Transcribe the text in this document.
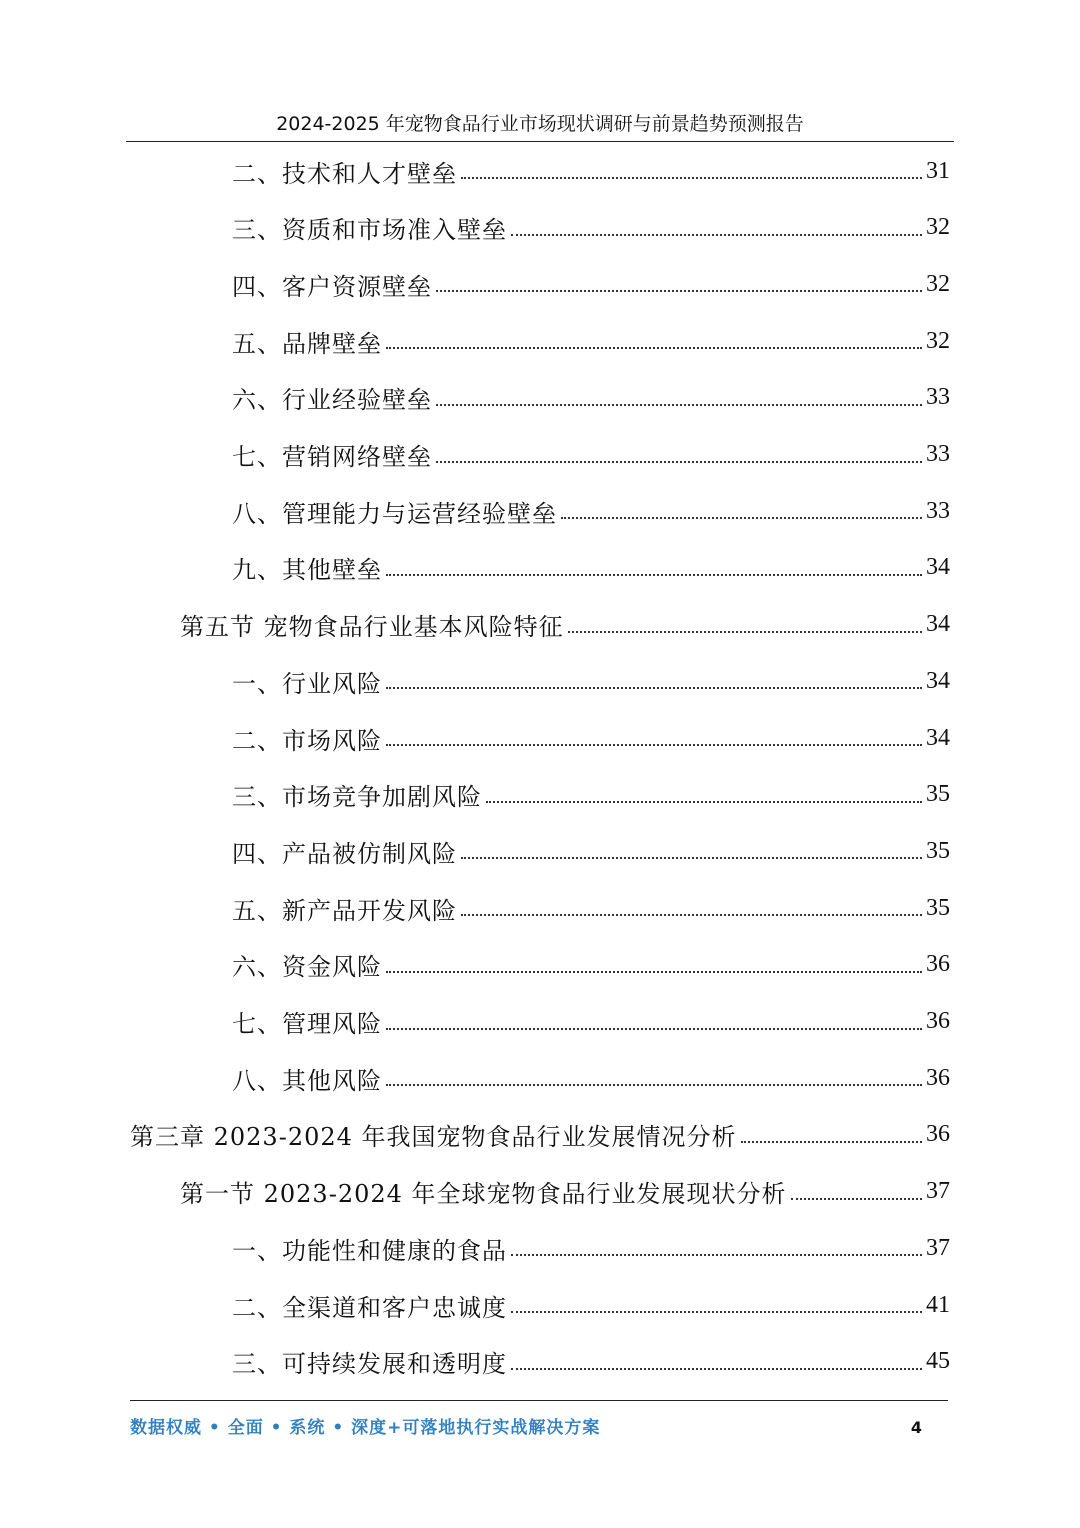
2024-2025 年宠物食品行业市场现状调研与前景趋势预测报告
二、技术和人才壁垒	31
三、资质和市场准入壁垒	32
四、客户资源壁垒	32
五、品牌壁垒	32
六、行业经验壁垒	33
七、营销网络壁垒	33
八、管理能力与运营经验壁垒	33
九、其他壁垒	34
第五节 宠物食品行业基本风险特征	34
一、行业风险	34
二、市场风险	34
三、市场竞争加剧风险	35
四、产品被仿制风险	35
五、新产品开发风险	35
六、资金风险	36
七、管理风险	36
八、其他风险	36
第三章 2023-2024 年我国宠物食品行业发展情况分析	36
第一节 2023-2024 年全球宠物食品行业发展现状分析	37
一、功能性和健康的食品	37
二、全渠道和客户忠诚度	41
三、可持续发展和透明度	45
数据权威 • 全面 • 系统 • 深度+可落地执行实战解决方案	4
